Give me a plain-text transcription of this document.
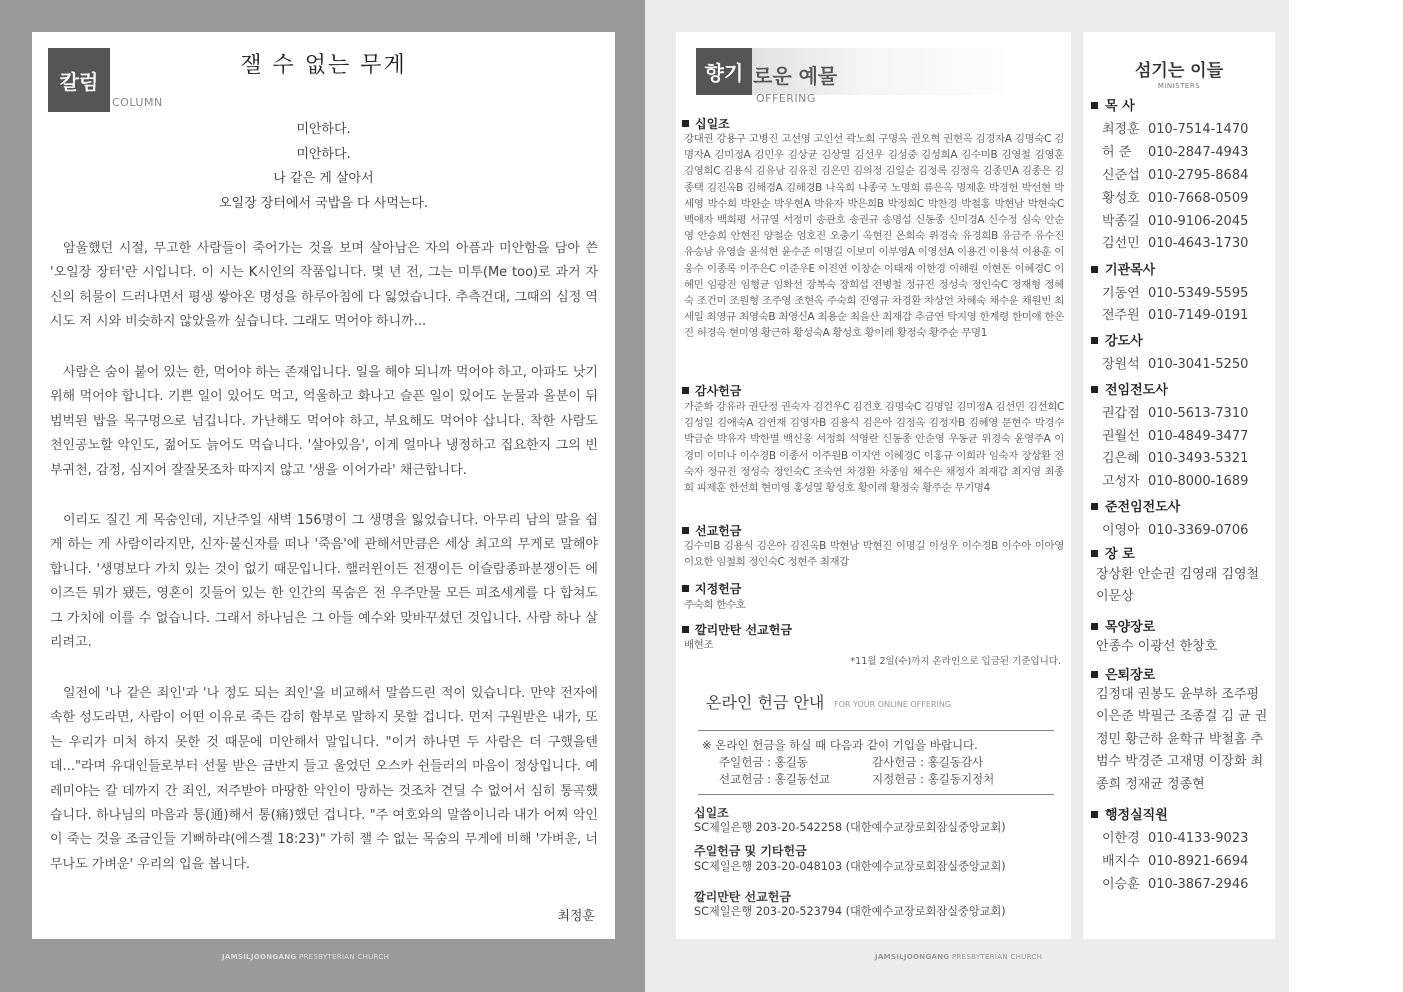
칼럼
COLUMN
잴 수 없는 무게
미안하다.
미안하다.
나 같은 게 살아서
오일장 장터에서 국밥을 다 사먹는다.

암울했던 시절, 무고한 사람들이 죽어가는 것을 보며 살아남은 자의 아픔과 미안함을 담아 쓴 '오일장 장터'란 시입니다. 이 시는 K시인의 작품입니다. 몇 년 전, 그는 미투(Me too)로 과거 자신의 허물이 드러나면서 평생 쌓아온 명성을 하루아침에 다 잃었습니다. 추측건대, 그때의 심정 역시도 저 시와 비슷하지 않았을까 싶습니다. 그래도 먹어야 하니까...

사람은 숨이 붙어 있는 한, 먹어야 하는 존재입니다. 일을 해야 되니까 먹어야 하고, 아파도 낫기 위해 먹어야 합니다. 기쁜 일이 있어도 먹고, 억울하고 화나고 슬픈 일이 있어도 눈물과 올분이 뒤범벅된 밥을 목구멍으로 넘깁니다. 가난해도 먹어야 하고, 부요해도 먹어야 삽니다. 착한 사람도 천인공노할 악인도, 젊어도 늙어도 먹습니다. '살아있음', 이게 얼마나 냉정하고 집요한지 그의 빈부귀천, 감정, 심지어 잘잘못조차 따지지 않고 '생을 이어가라' 채근합니다.

이리도 질긴 게 목숨인데, 지난주일 새벽 156명이 그 생명을 잃었습니다. 아무리 남의 말을 쉽게 하는 게 사람이라지만, 신자·불신자를 떠나 '죽음'에 관해서만큼은 세상 최고의 무게로 말해야 합니다. '생명보다 가치 있는 것이 없기 때문입니다. 핼러윈이든 전쟁이든 이슬람종파분쟁이든 에이즈든 뭐가 됐든, 영혼이 깃들어 있는 한 인간의 목숨은 전 우주만물 모든 피조세계를 다 합쳐도 그 가치에 이를 수 없습니다. 그래서 하나님은 그 아들 예수와 맞바꾸셨던 것입니다. 사람 하나 살리려고.

일전에 '나 같은 죄인'과 '나 정도 되는 죄인'을 비교해서 말씀드린 적이 있습니다. 만약 전자에 속한 성도라면, 사람이 어떤 이유로 죽든 감히 함부로 말하지 못할 겁니다. 먼저 구원받은 내가, 또는 우리가 미처 하지 못한 것 때문에 미안해서 말입니다. "이거 하나면 두 사람은 더 구했을텐데..."라며 유대인들로부터 선물 받은 금반지 들고 울었던 오스카 쉰들러의 마음이 정상입니다. 예레미야는 갈 데까지 간 죄인, 저주받아 마땅한 악인이 망하는 것조차 견딜 수 없어서 심히 통곡했습니다. 하나님의 마음과 통(通)해서 통(痛)했던 겁니다. "주 여호와의 말씀이니라 내가 어찌 악인이 죽는 것을 조금인들 기뻐하랴(에스겔 18:23)" 가히 잴 수 없는 목숨의 무게에 비해 '가벼운, 너무나도 가벼운' 우리의 입을 봅니다.

최정훈
JAMSILJOONGANG PRESBYTERIAN CHURCH
향기 로운 예물
OFFERING
십일조
강대권 강용구 고병진 고선영 고인선 곽노희 구명옥 권오혁 권현옥 김경자A 김명숙C 김명자A 김미정A 김민우 김상균 김상열 김선우 김성중 김성희A 김수미B 김영철 김영훈 김영희C 김용식 김유남 김유진 김은민 김의정 김일순 김정록 김정옥 김종민A 김종은 김종택 김진옥B 김해경A 김해경B 나옥희 나종국 노명희 류은옥 명제훈 박경헌 박선현 박세영 박수희 박완순 박우현A 박유자 박은희B 박정희C 박찬경 박철홍 박현남 박현숙C 백애자 백희평 서규열 서정미 송관호 송권규 송명섭 신동종 신미경A 신수정 심숙 안순영 안승희 안현진 양철순 엄호진 오충기 옥현진 온희숙 위경숙 유경희B 유금주 유수진 유승남 유영술 윤석현 윤수준 이명길 이보미 이부영A 이영선A 이용건 이용석 이용훈 이웅수 이종록 이주은C 이준우E 이진연 이창순 이태재 이한경 이해원 이현돈 이혜경C 이혜민 임광진 임형균 임화선 장복숙 장희섭 전병철 정규진 정성숙 정인숙C 정재형 정혜숙 조건미 조원형 조주영 조현옥 주숙희 진영규 차경환 차상언 차혜숙 채수운 채원빈 최세일 최영규 최영숙B 최영신A 최용순 최을산 최재갑 추금연 탁지영 한계령 한미애 한은진 허경옥 현미영 황근하 황성숙A 황성호 황이레 황정숙 황주순 무명1
감사헌금
가준화 강유라 권단정 권숙자 김건우C 김건호 김명숙C 김명일 김미정A 김선민 김선희C 김성일 김애숙A 김연재 김영자B 김용식 김은아 김정옥 김정자B 김혜영 문현수 박경수 박금순 박유자 박한별 백신웅 서정희 석영란 신동종 안순영 우동균 위경숙 윤영주A 이경미 이미나 이수경B 이종서 이주원B 이지연 이혜경C 이홍규 이희라 임숙자 장상환 전숙자 정규진 정성숙 정인숙C 조숙연 차경환 차종임 채수은 채정자 최재갑 최지영 최종희 피제훈 한선희 현미영 홍성열 황성호 황이레 황정숙 황주순 무기명4
선교헌금
김수미B 김용식 김은아 김진옥B 박현남 박현진 이명길 이성우 이수경B 이수아 이아영 이요한 임철희 정인숙C 정현주 최재갑
지정헌금
주숙희 한수호
깔리만탄 선교헌금
배현조
*11월 2일(수)까지 온라인으로 입금된 기준입니다.
온라인 헌금 안내 FOR YOUR ONLINE OFFERING
※ 온라인 헌금을 하실 때 다음과 같이 기입을 바랍니다.
주일헌금 : 홍길동	감사헌금 : 홍길동감사
선교헌금 : 홍길동선교	지정헌금 : 홍길동지정처
십일조
SC제일은행 203-20-542258 (대한예수교장로회잠실중앙교회)
주일헌금 및 기타헌금
SC제일은행 203-20-048103 (대한예수교장로회잠실중앙교회)
깔리만탄 선교헌금
SC제일은행 203-20-523794 (대한예수교장로회잠실중앙교회)
섬기는 이들
MINISTERS
목 사
최정훈 010-7514-1470
허 준 010-2847-4943
신준섭 010-2795-8684
황성호 010-7668-0509
박종길 010-9106-2045
김선민 010-4643-1730
기관목사
기동연 010-5349-5595
전주원 010-7149-0191
강도사
장원석 010-3041-5250
전임전도사
권갑점 010-5613-7310
권월선 010-4849-3477
김은혜 010-3493-5321
고성자 010-8000-1689
준전임전도사
이영아 010-3369-0706
장 로
장상환 안순권 김영래 김영철 이문상
목양장로
안종수 이광선 한창호
은퇴장로
김정대 권봉도 윤부하 조주평 이은준 박필근 조종걸 김 균 권정민 황근하 윤학규 박철홈 추범수 박경준 고재명 이장화 최종희 정재균 정종현
행정실직원
이한경 010-4133-9023
배지수 010-8921-6694
이승훈 010-3867-2946
JAMSILJOONGANG PRESBYTERIAN CHURCH
